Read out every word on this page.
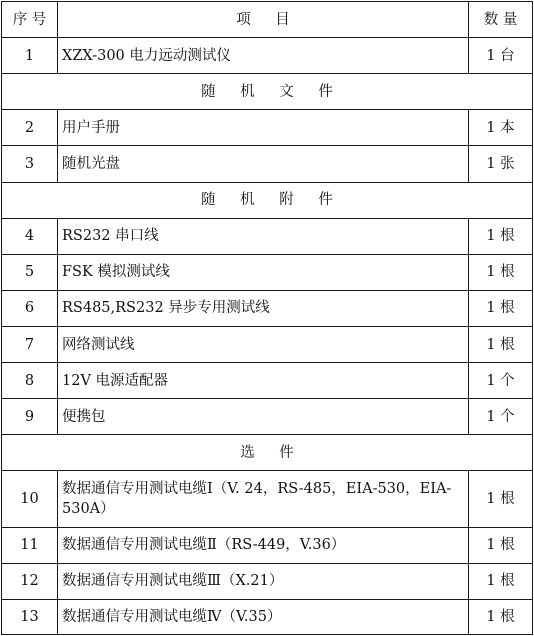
序 号	项 目	数 量
1	XZX-300 电力远动测试仪	1 台
随 机 文 件		
2	用户手册	1 本
3	随机光盘	1 张
随 机 附 件		
4	RS232 串口线	1 根
5	FSK 模拟测试线	1 根
6	RS485,RS232 异步专用测试线	1 根
7	网络测试线	1 根
8	12V 电源适配器	1 个
9	便携包	1 个
选 件		
10	数据通信专用测试电缆Ⅰ（V. 24，RS-485，EIA-530，EIA-530A）	1 根
11	数据通信专用测试电缆Ⅱ（RS-449，V.36）	1 根
12	数据通信专用测试电缆Ⅲ（X.21）	1 根
13	数据通信专用测试电缆Ⅳ（V.35）	1 根
